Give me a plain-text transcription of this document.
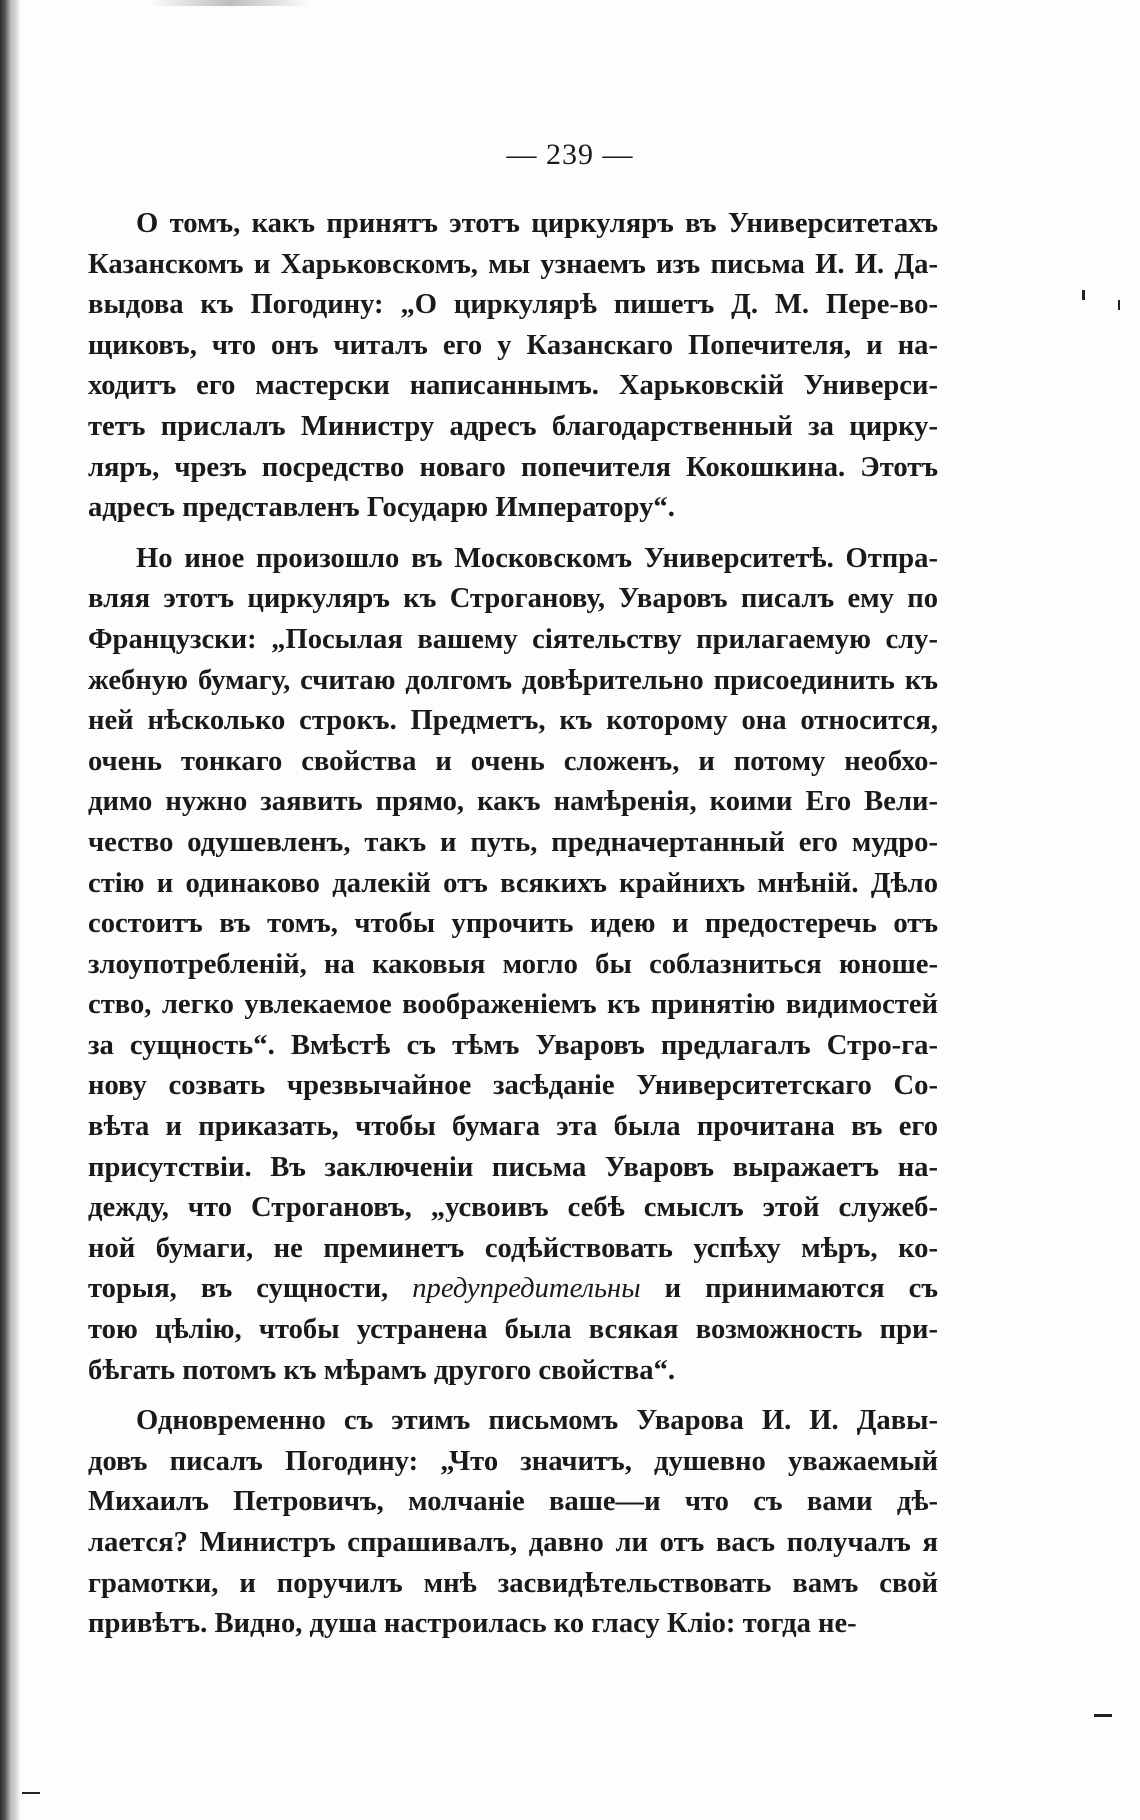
— 239 —
О томъ, какъ принятъ этотъ циркуляръ въ Университетахъ
Казанскомъ и Харьковскомъ, мы узнаемъ изъ письма И. И. Да-
выдова къ Погодину: „О циркулярѣ пишетъ Д. М. Пере-во-
щиковъ, что онъ читалъ его у Казанскаго Попечителя, и на-
ходитъ его мастерски написаннымъ. Харьковскій Универси-
тетъ прислалъ Министру адресъ благодарственный за цирку-
ляръ, чрезъ посредство новаго попечителя Кокошкина. Этотъ
адресъ представленъ Государю Императору“.
Но иное произошло въ Московскомъ Университетѣ. Отпра-
вляя этотъ циркуляръ къ Строганову, Уваровъ писалъ ему по
Французски: „Посылая вашему сіятельству прилагаемую слу-
жебную бумагу, считаю долгомъ довѣрительно присоединить къ
ней нѣсколько строкъ. Предметъ, къ которому она относится,
очень тонкаго свойства и очень сложенъ, и потому необхо-
димо нужно заявить прямо, какъ намѣренія, коими Его Вели-
чество одушевленъ, такъ и путь, предначертанный его мудро-
стію и одинаково далекій отъ всякихъ крайнихъ мнѣній. Дѣло
состоитъ въ томъ, чтобы упрочить идею и предостеречь отъ
злоупотребленій, на каковыя могло бы соблазниться юноше-
ство, легко увлекаемое воображеніемъ къ принятію видимостей
за сущность“. Вмѣстѣ съ тѣмъ Уваровъ предлагалъ Стро-га-
нову созвать чрезвычайное засѣданіе Университетскаго Со-
вѣта и приказать, чтобы бумага эта была прочитана въ его
присутствіи. Въ заключеніи письма Уваровъ выражаетъ на-
дежду, что Строгановъ, „усвоивъ себѣ смыслъ этой служеб-
ной бумаги, не преминетъ содѣйствовать успѣху мѣръ, ко-
торыя, въ сущности, предупредительны и принимаются съ
тою цѣлію, чтобы устранена была всякая возможность при-
бѣгать потомъ къ мѣрамъ другого свойства“.
Одновременно съ этимъ письмомъ Уварова И. И. Давы-
довъ писалъ Погодину: „Что значитъ, душевно уважаемый
Михаилъ Петровичъ, молчаніе ваше—и что съ вами дѣ-
лается? Министръ спрашивалъ, давно ли отъ васъ получалъ я
грамотки, и поручилъ мнѣ засвидѣтельствовать вамъ свой
привѣтъ. Видно, душа настроилась ко гласу Кліо: тогда не-
